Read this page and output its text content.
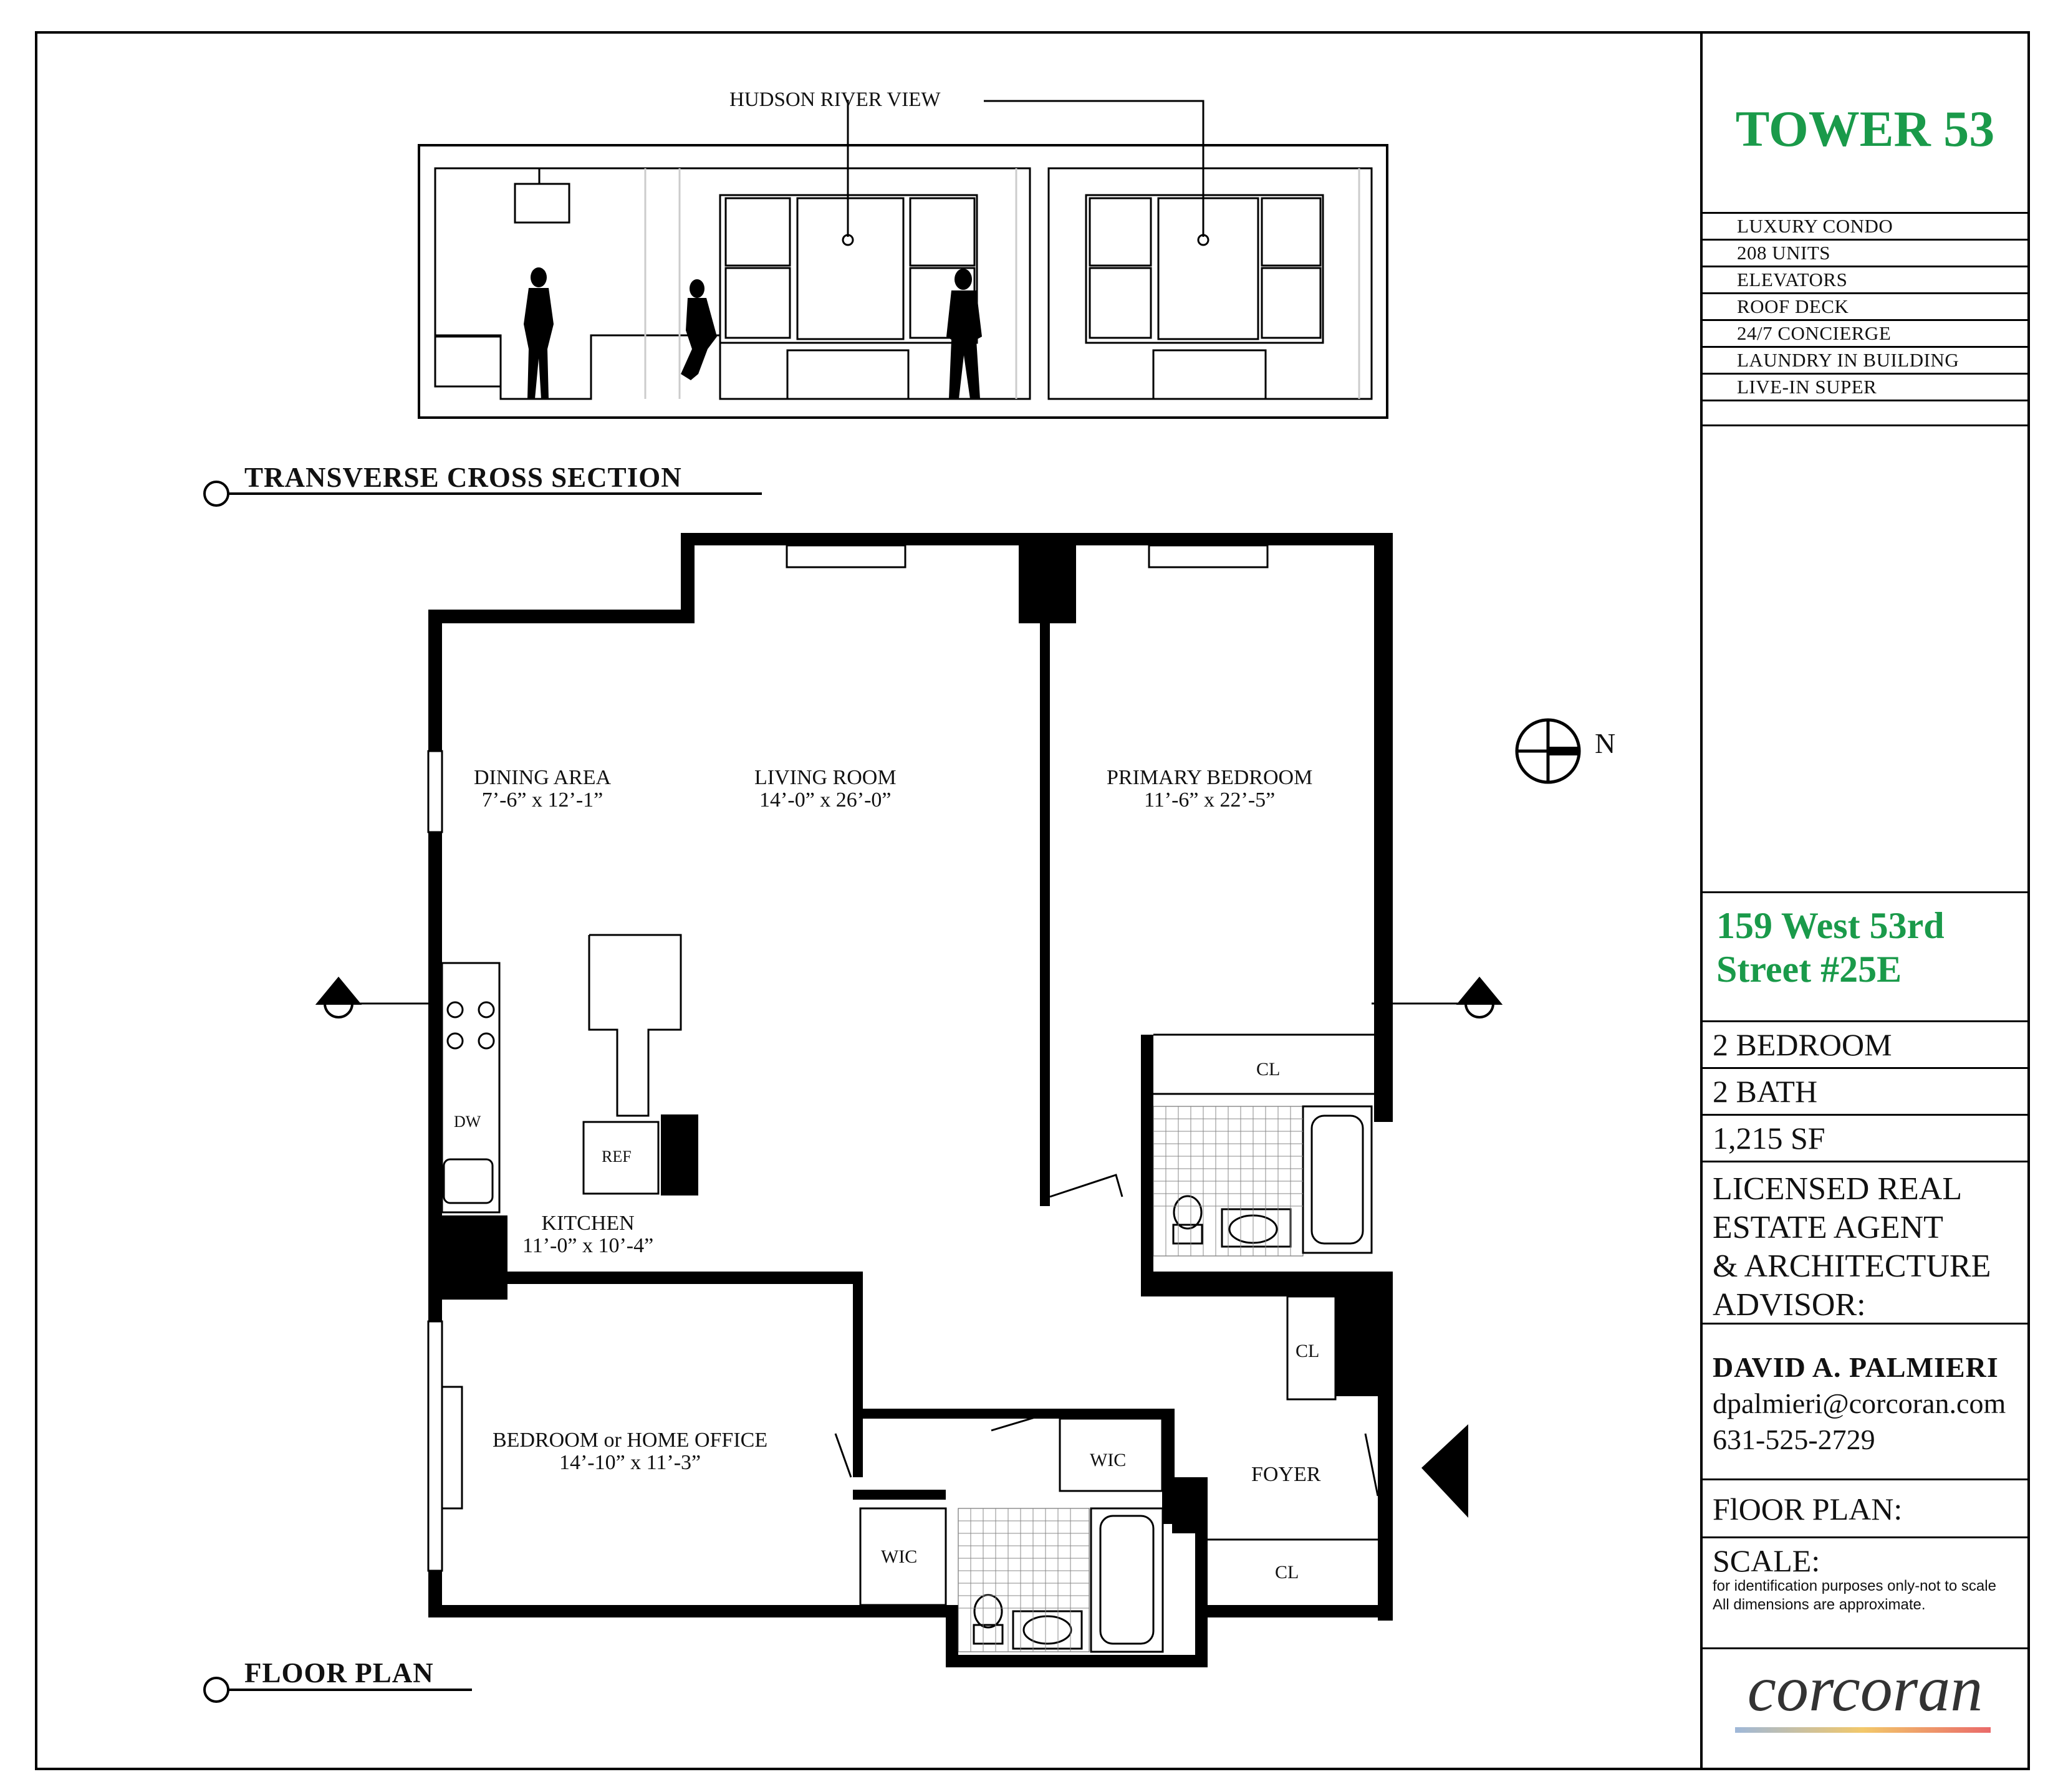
TRANSVERSE CROSS SECTION
FLOOR PLAN
HUDSON RIVER VIEW
N
DINING AREA
7’-6” x 12’-1”
LIVING ROOM
14’-0” x 26’-0”
PRIMARY BEDROOM
11’-6” x 22’-5”
KITCHEN
11’-0” x 10’-4”
BEDROOM or HOME OFFICE
14’-10” x 11’-3”
FOYER
CL
CL
CL
WIC
WIC
DW
REF
TOWER 53
LUXURY CONDO
208 UNITS
ELEVATORS
ROOF DECK
24/7 CONCIERGE
LAUNDRY IN BUILDING
LIVE-IN SUPER
159 West 53rd
Street #25E
2 BEDROOM
2 BATH
1,215 SF
LICENSED REAL
ESTATE AGENT
& ARCHITECTURE
ADVISOR:
DAVID A. PALMIERI
dpalmieri@corcoran.com
631-525-2729
FlOOR PLAN:
SCALE:
for identification purposes only-not to scale
All dimensions are approximate.
corcoran
